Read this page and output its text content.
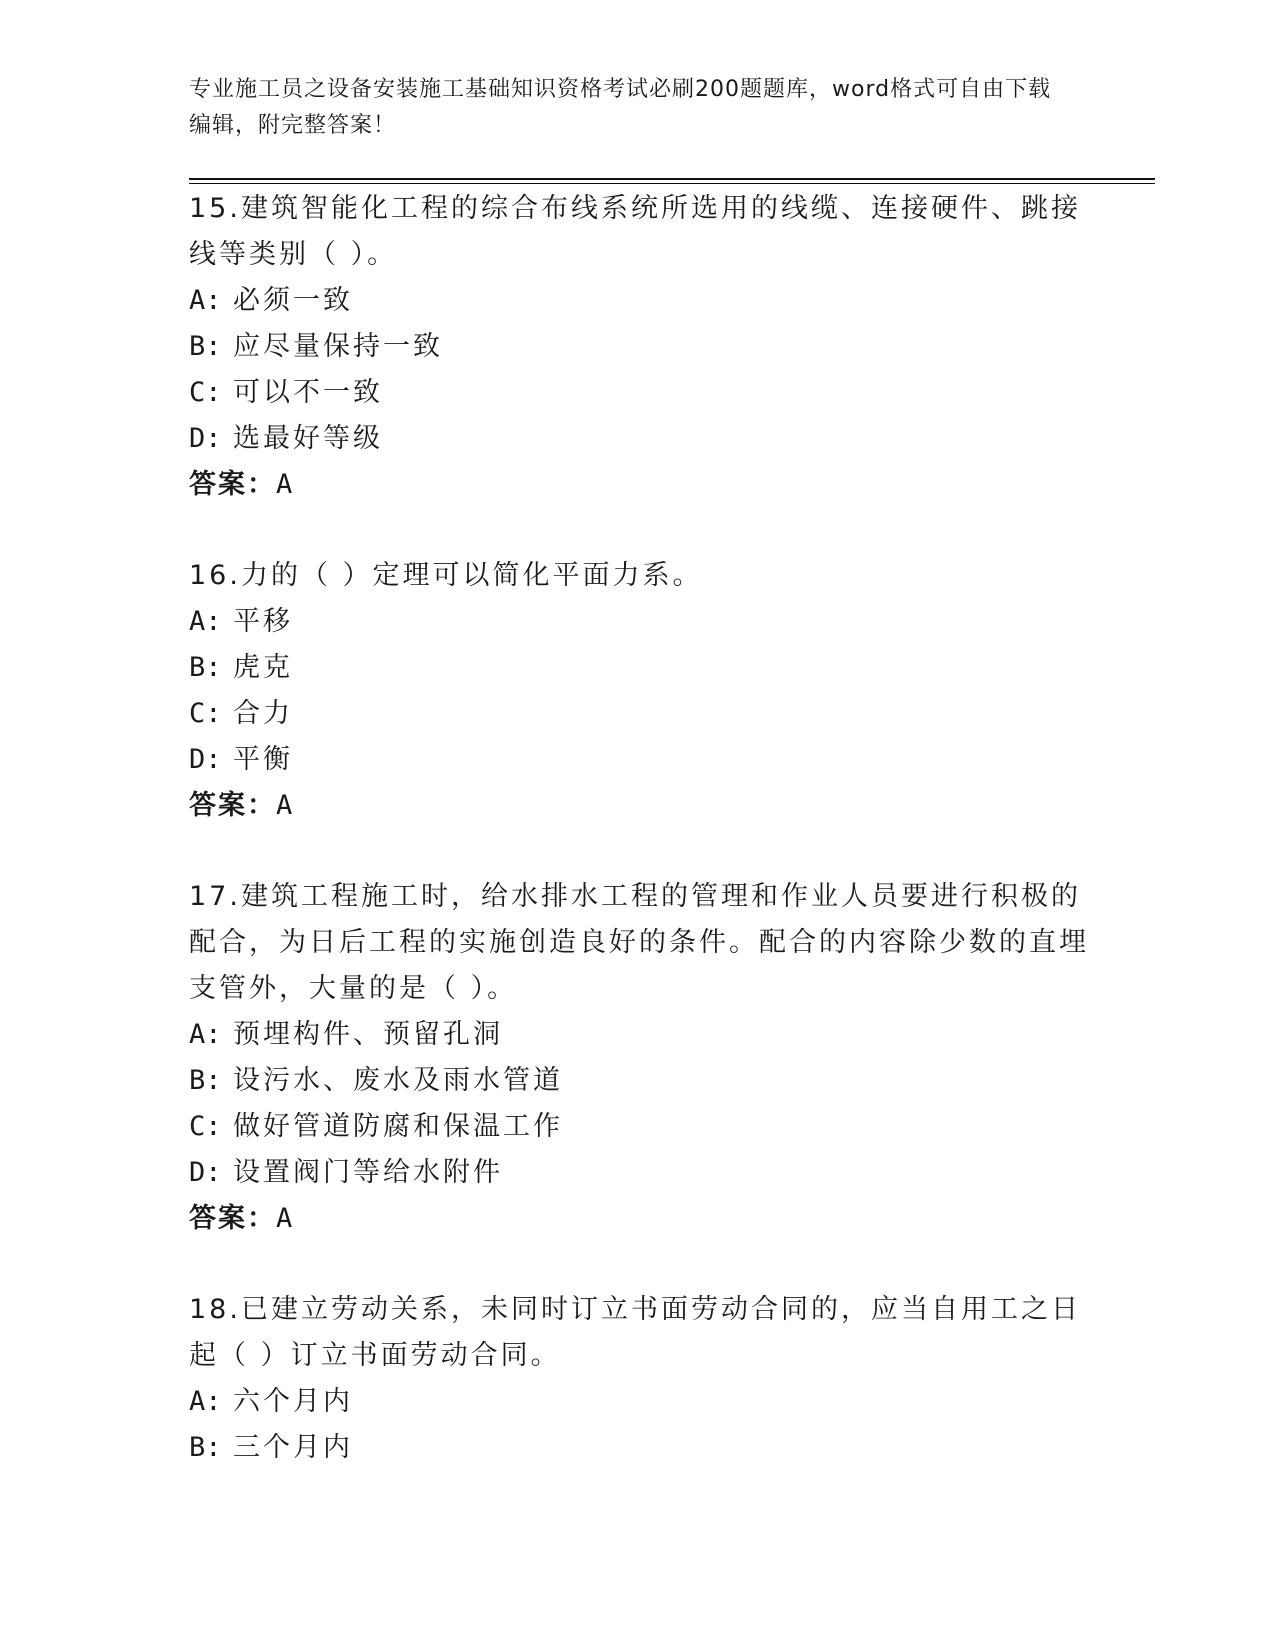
专业施工员之设备安装施工基础知识资格考试必刷200题题库，word格式可自由下载编辑，附完整答案！

15.建筑智能化工程的综合布线系统所选用的线缆、连接硬件、跳接线等类别（ ）。

A: 必须一致
B: 应尽量保持一致
C: 可以不一致
D: 选最好等级
答案：A

16.力的（ ）定理可以简化平面力系。

A: 平移
B: 虎克
C: 合力
D: 平衡
答案：A

17.建筑工程施工时，给水排水工程的管理和作业人员要进行积极的配合，为日后工程的实施创造良好的条件。配合的内容除少数的直埋支管外，大量的是（ ）。

A: 预埋构件、预留孔洞
B: 设污水、废水及雨水管道
C: 做好管道防腐和保温工作
D: 设置阀门等给水附件
答案：A

18.已建立劳动关系，未同时订立书面劳动合同的，应当自用工之日起（ ）订立书面劳动合同。

A: 六个月内
B: 三个月内
